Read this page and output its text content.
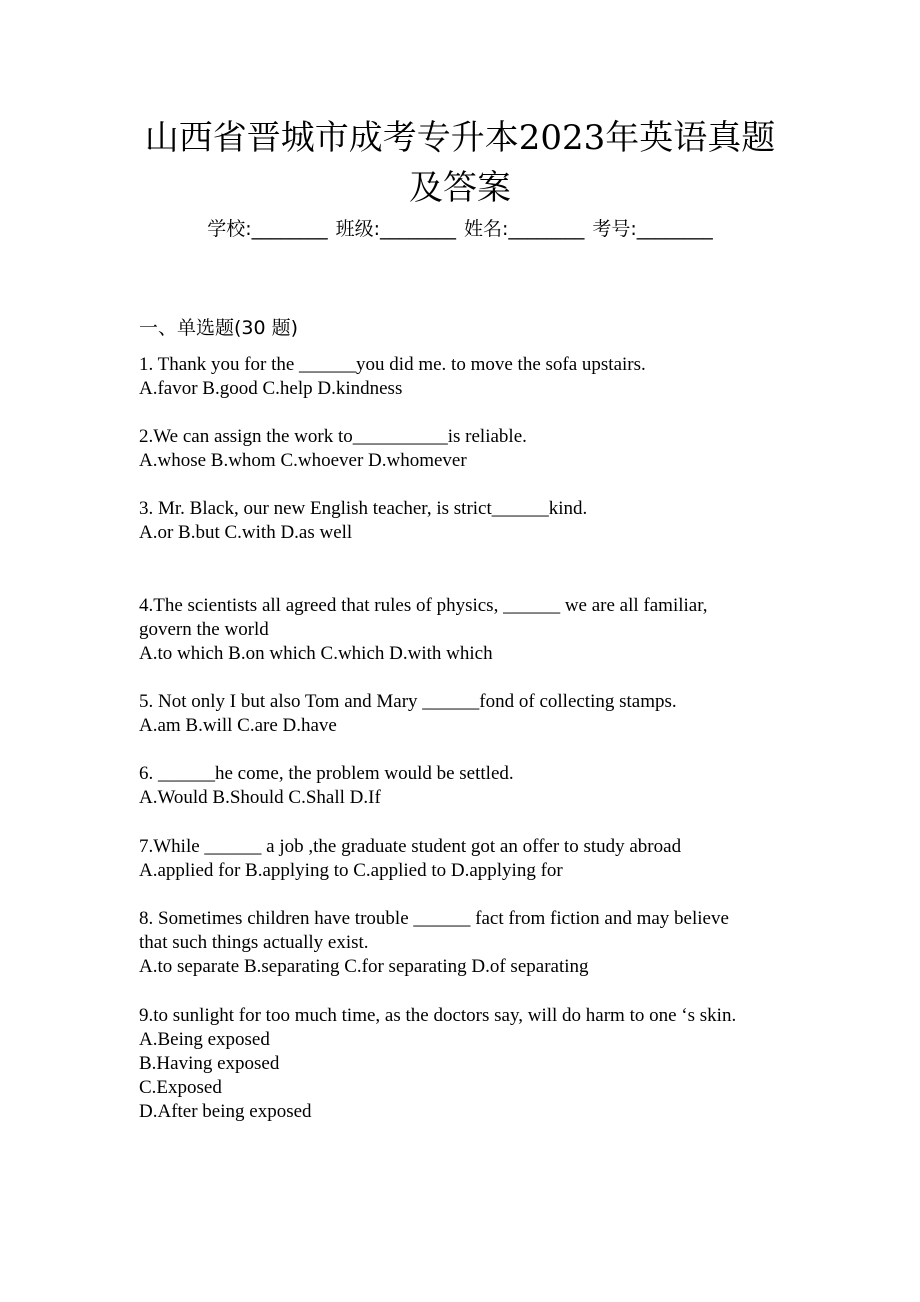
山西省晋城市成考专升本2023年英语真题
及答案
学校:________ 班级:________ 姓名:________ 考号:________
一、单选题(30 题)
1. Thank you for the ______you did me. to move the sofa upstairs.
A.favor B.good C.help D.kindness
2.We can assign the work to__________is reliable.
A.whose B.whom C.whoever D.whomever
3. Mr. Black, our new English teacher, is strict______kind.
A.or B.but C.with D.as well
4.The scientists all agreed that rules of physics, ______ we are all familiar,
govern the world
A.to which B.on which C.which D.with which
5. Not only I but also Tom and Mary ______fond of collecting stamps.
A.am B.will C.are D.have
6. ______he come, the problem would be settled.
A.Would B.Should C.Shall D.If
7.While ______ a job ,the graduate student got an offer to study abroad
A.applied for B.applying to C.applied to D.applying for
8. Sometimes children have trouble ______ fact from fiction and may believe
that such things actually exist.
A.to separate B.separating C.for separating D.of separating
9.to sunlight for too much time, as the doctors say, will do harm to one ‘s skin.
A.Being exposed
B.Having exposed
C.Exposed
D.After being exposed
